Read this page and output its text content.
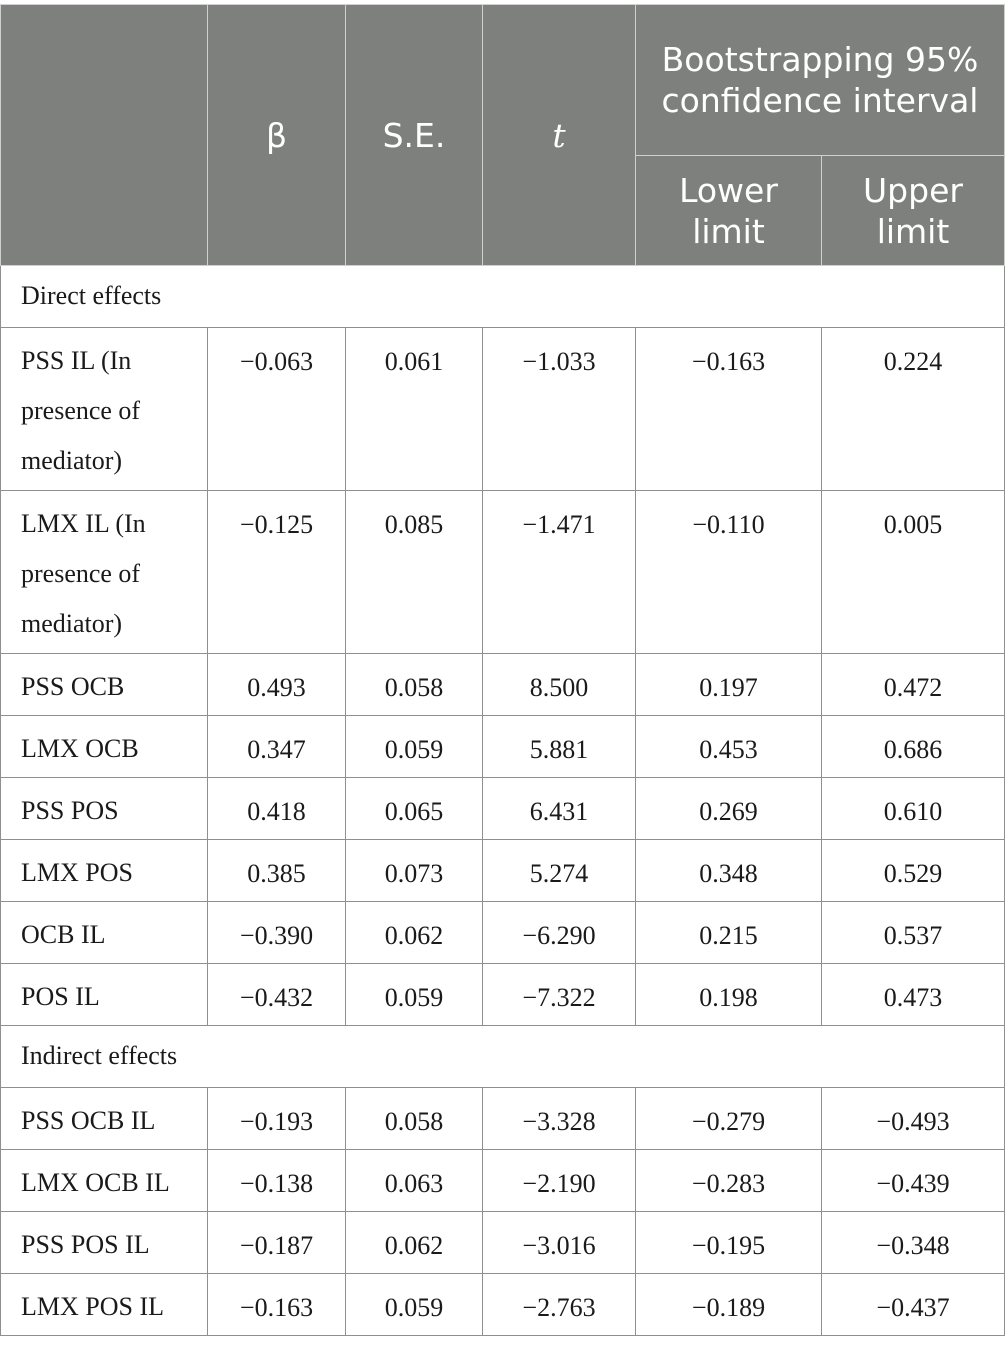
	β	S.E.	t	Bootstrapping 95% confidence interval	
				Lower limit	Upper limit
Direct effects					
PSS IL (In presence of mediator)	−0.063	0.061	−1.033	−0.163	0.224
LMX IL (In presence of mediator)	−0.125	0.085	−1.471	−0.110	0.005
PSS OCB	0.493	0.058	8.500	0.197	0.472
LMX OCB	0.347	0.059	5.881	0.453	0.686
PSS POS	0.418	0.065	6.431	0.269	0.610
LMX POS	0.385	0.073	5.274	0.348	0.529
OCB IL	−0.390	0.062	−6.290	0.215	0.537
POS IL	−0.432	0.059	−7.322	0.198	0.473
Indirect effects					
PSS OCB IL	−0.193	0.058	−3.328	−0.279	−0.493
LMX OCB IL	−0.138	0.063	−2.190	−0.283	−0.439
PSS POS IL	−0.187	0.062	−3.016	−0.195	−0.348
LMX POS IL	−0.163	0.059	−2.763	−0.189	−0.437
